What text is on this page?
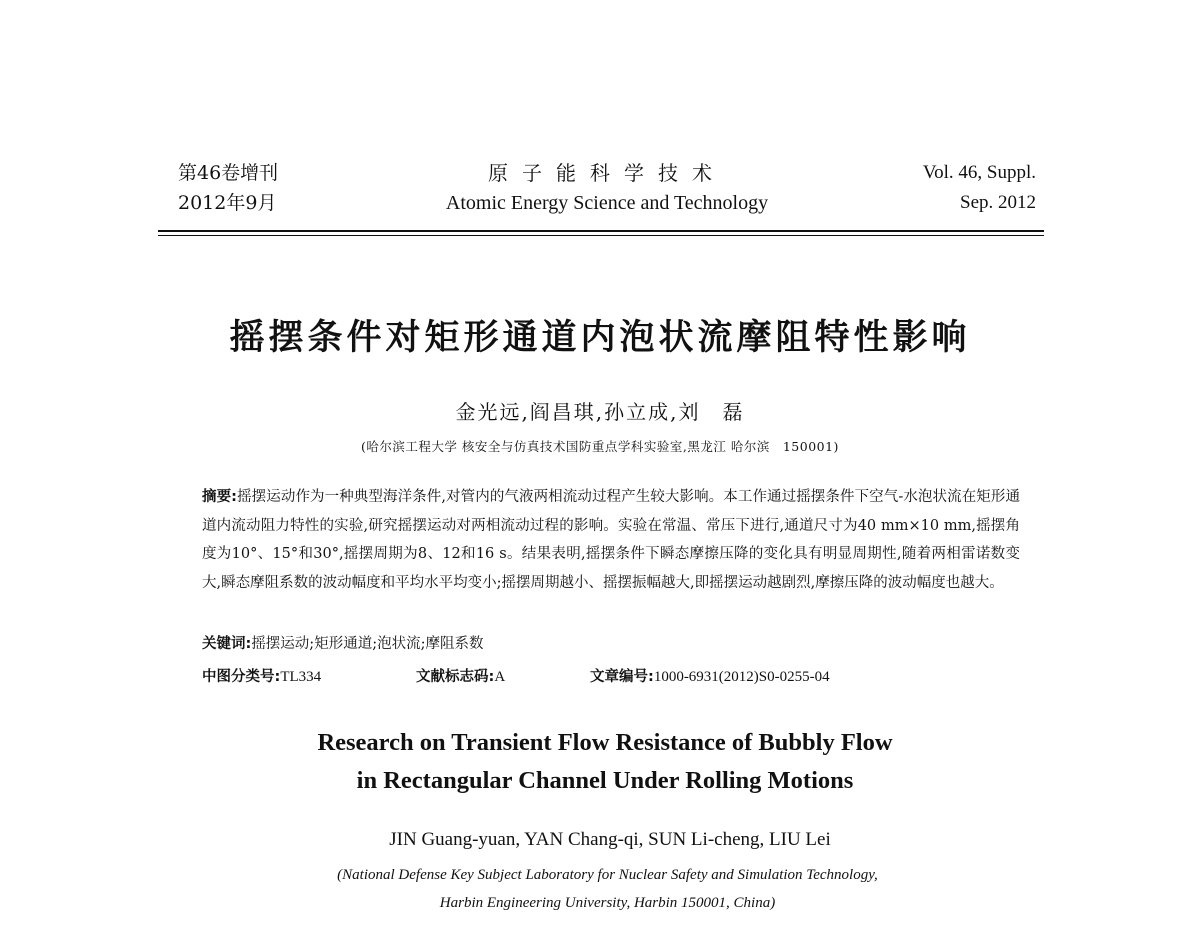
第46卷增刊
2012年9月
原子能科学技术
Atomic Energy Science and Technology
Vol. 46, Suppl.
Sep. 2012
摇摆条件对矩形通道内泡状流摩阻特性影响
金光远,阎昌琪,孙立成,刘　磊
(哈尔滨工程大学 核安全与仿真技术国防重点学科实验室,黑龙江 哈尔滨　150001)
摘要:摇摆运动作为一种典型海洋条件,对管内的气液两相流动过程产生较大影响。本工作通过摇摆条件下空气-水泡状流在矩形通道内流动阻力特性的实验,研究摇摆运动对两相流动过程的影响。实验在常温、常压下进行,通道尺寸为40 mm×10 mm,摇摆角度为10°、15°和30°,摇摆周期为8、12和16 s。结果表明,摇摆条件下瞬态摩擦压降的变化具有明显周期性,随着两相雷诺数变大,瞬态摩阻系数的波动幅度和平均水平均变小;摇摆周期越小、摇摆振幅越大,即摇摆运动越剧烈,摩擦压降的波动幅度也越大。
关键词:摇摆运动;矩形通道;泡状流;摩阻系数
中图分类号:TL334	文献标志码:A	文章编号:1000-6931(2012)S0-0255-04
Research on Transient Flow Resistance of Bubbly Flow
in Rectangular Channel Under Rolling Motions
JIN Guang-yuan, YAN Chang-qi, SUN Li-cheng, LIU Lei
(National Defense Key Subject Laboratory for Nuclear Safety and Simulation Technology,
Harbin Engineering University, Harbin 150001, China)
